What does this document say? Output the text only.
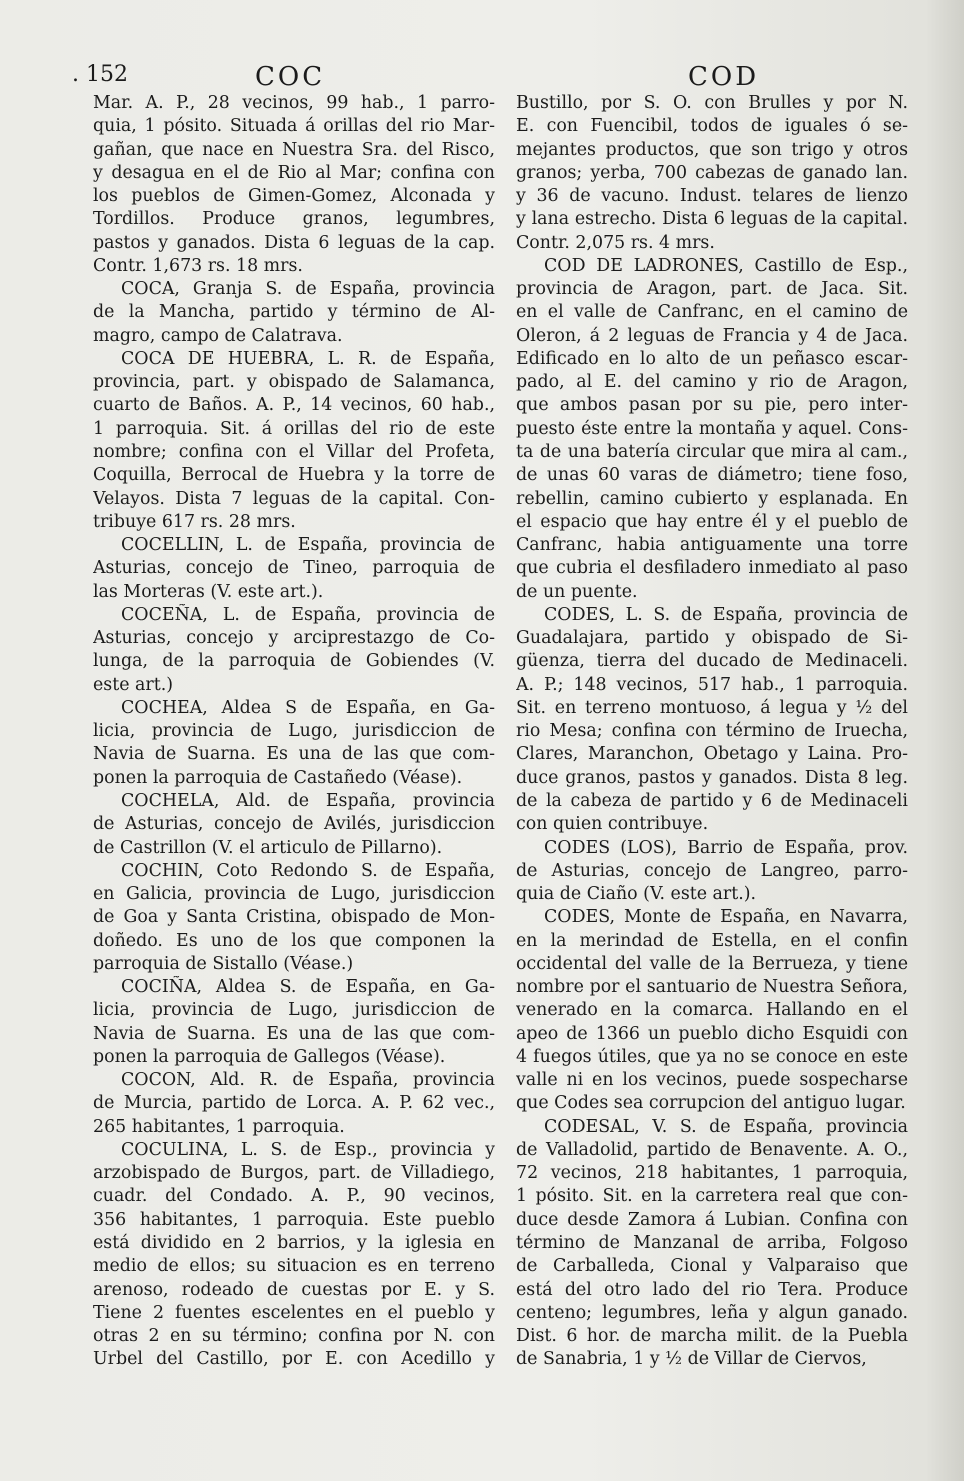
. 152	COC	COD
Mar. A. P., 28 vecinos, 99 hab., 1 parro-
quia, 1 pósito. Situada á orillas del rio Mar-
gañan, que nace en Nuestra Sra. del Risco,
y desagua en el de Rio al Mar; confina con
los pueblos de Gimen-Gomez, Alconada y
Tordillos. Produce granos, legumbres,
pastos y ganados. Dista 6 leguas de la cap.
Contr. 1,673 rs. 18 mrs.
COCA, Granja S. de España, provincia
de la Mancha, partido y término de Al-
magro, campo de Calatrava.
COCA DE HUEBRA, L. R. de España,
provincia, part. y obispado de Salamanca,
cuarto de Baños. A. P., 14 vecinos, 60 hab.,
1 parroquia. Sit. á orillas del rio de este
nombre; confina con el Villar del Profeta,
Coquilla, Berrocal de Huebra y la torre de
Velayos. Dista 7 leguas de la capital. Con-
tribuye 617 rs. 28 mrs.
COCELLIN, L. de España, provincia de
Asturias, concejo de Tineo, parroquia de
las Morteras (V. este art.).
COCEÑA, L. de España, provincia de
Asturias, concejo y arciprestazgo de Co-
lunga, de la parroquia de Gobiendes (V.
este art.)
COCHEA, Aldea S de España, en Ga-
licia, provincia de Lugo, jurisdiccion de
Navia de Suarna. Es una de las que com-
ponen la parroquia de Castañedo (Véase).
COCHELA, Ald. de España, provincia
de Asturias, concejo de Avilés, jurisdiccion
de Castrillon (V. el articulo de Pillarno).
COCHIN, Coto Redondo S. de España,
en Galicia, provincia de Lugo, jurisdiccion
de Goa y Santa Cristina, obispado de Mon-
doñedo. Es uno de los que componen la
parroquia de Sistallo (Véase.)
COCIÑA, Aldea S. de España, en Ga-
licia, provincia de Lugo, jurisdiccion de
Navia de Suarna. Es una de las que com-
ponen la parroquia de Gallegos (Véase).
COCON, Ald. R. de España, provincia
de Murcia, partido de Lorca. A. P. 62 vec.,
265 habitantes, 1 parroquia.
COCULINA, L. S. de Esp., provincia y
arzobispado de Burgos, part. de Villadiego,
cuadr. del Condado. A. P., 90 vecinos,
356 habitantes, 1 parroquia. Este pueblo
está dividido en 2 barrios, y la iglesia en
medio de ellos; su situacion es en terreno
arenoso, rodeado de cuestas por E. y S.
Tiene 2 fuentes escelentes en el pueblo y
otras 2 en su término; confina por N. con
Urbel del Castillo, por E. con Acedillo y
Bustillo, por S. O. con Brulles y por N.
E. con Fuencibil, todos de iguales ó se-
mejantes productos, que son trigo y otros
granos; yerba, 700 cabezas de ganado lan.
y 36 de vacuno. Indust. telares de lienzo
y lana estrecho. Dista 6 leguas de la capital.
Contr. 2,075 rs. 4 mrs.
COD DE LADRONES, Castillo de Esp.,
provincia de Aragon, part. de Jaca. Sit.
en el valle de Canfranc, en el camino de
Oleron, á 2 leguas de Francia y 4 de Jaca.
Edificado en lo alto de un peñasco escar-
pado, al E. del camino y rio de Aragon,
que ambos pasan por su pie, pero inter-
puesto éste entre la montaña y aquel. Cons-
ta de una batería circular que mira al cam.,
de unas 60 varas de diámetro; tiene foso,
rebellin, camino cubierto y esplanada. En
el espacio que hay entre él y el pueblo de
Canfranc, habia antiguamente una torre
que cubria el desfiladero inmediato al paso
de un puente.
CODES, L. S. de España, provincia de
Guadalajara, partido y obispado de Si-
güenza, tierra del ducado de Medinaceli.
A. P.; 148 vecinos, 517 hab., 1 parroquia.
Sit. en terreno montuoso, á legua y ½ del
rio Mesa; confina con término de Iruecha,
Clares, Maranchon, Obetago y Laina. Pro-
duce granos, pastos y ganados. Dista 8 leg.
de la cabeza de partido y 6 de Medinaceli
con quien contribuye.
CODES (LOS), Barrio de España, prov.
de Asturias, concejo de Langreo, parro-
quia de Ciaño (V. este art.).
CODES, Monte de España, en Navarra,
en la merindad de Estella, en el confin
occidental del valle de la Berrueza, y tiene
nombre por el santuario de Nuestra Señora,
venerado en la comarca. Hallando en el
apeo de 1366 un pueblo dicho Esquidi con
4 fuegos útiles, que ya no se conoce en este
valle ni en los vecinos, puede sospecharse
que Codes sea corrupcion del antiguo lugar.
CODESAL, V. S. de España, provincia
de Valladolid, partido de Benavente. A. O.,
72 vecinos, 218 habitantes, 1 parroquia,
1 pósito. Sit. en la carretera real que con-
duce desde Zamora á Lubian. Confina con
término de Manzanal de arriba, Folgoso
de Carballeda, Cional y Valparaiso que
está del otro lado del rio Tera. Produce
centeno; legumbres, leña y algun ganado.
Dist. 6 hor. de marcha milit. de la Puebla
de Sanabria, 1 y ½ de Villar de Ciervos,
